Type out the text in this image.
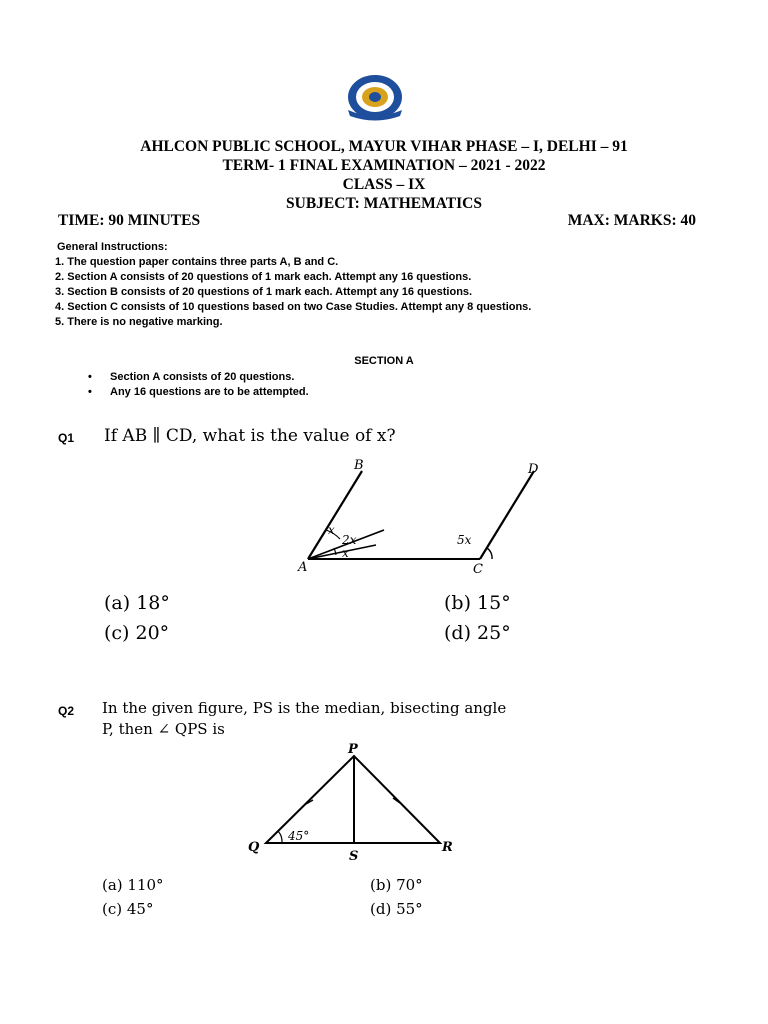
AHLCON PUBLIC SCHOOL, MAYUR VIHAR PHASE – I, DELHI – 91
TERM- 1 FINAL EXAMINATION – 2021 - 2022
CLASS – IX
SUBJECT: MATHEMATICS
TIME: 90 MINUTES	MAX: MARKS: 40
General Instructions:
1. The question paper contains three parts A, B and C.
2. Section A consists of 20 questions of 1 mark each. Attempt any 16 questions.
3. Section B consists of 20 questions of 1 mark each. Attempt any 16 questions.
4. Section C consists of 10 questions based on two Case Studies. Attempt any 8 questions.
5. There is no negative marking.
SECTION A
• Section A consists of 20 questions.
• Any 16 questions are to be attempted.
Q1 If AB ∥ CD, what is the value of x?
B	D
A	C
x
2x
x
5x
(a) 18°	(b) 15°
(c) 20°	(d) 25°
Q2 In the given figure, PS is the median, bisecting angle
P, then ∠ QPS is
P
Q	R
S
45°
(a) 110°	(b) 70°
(c) 45°	(d) 55°
